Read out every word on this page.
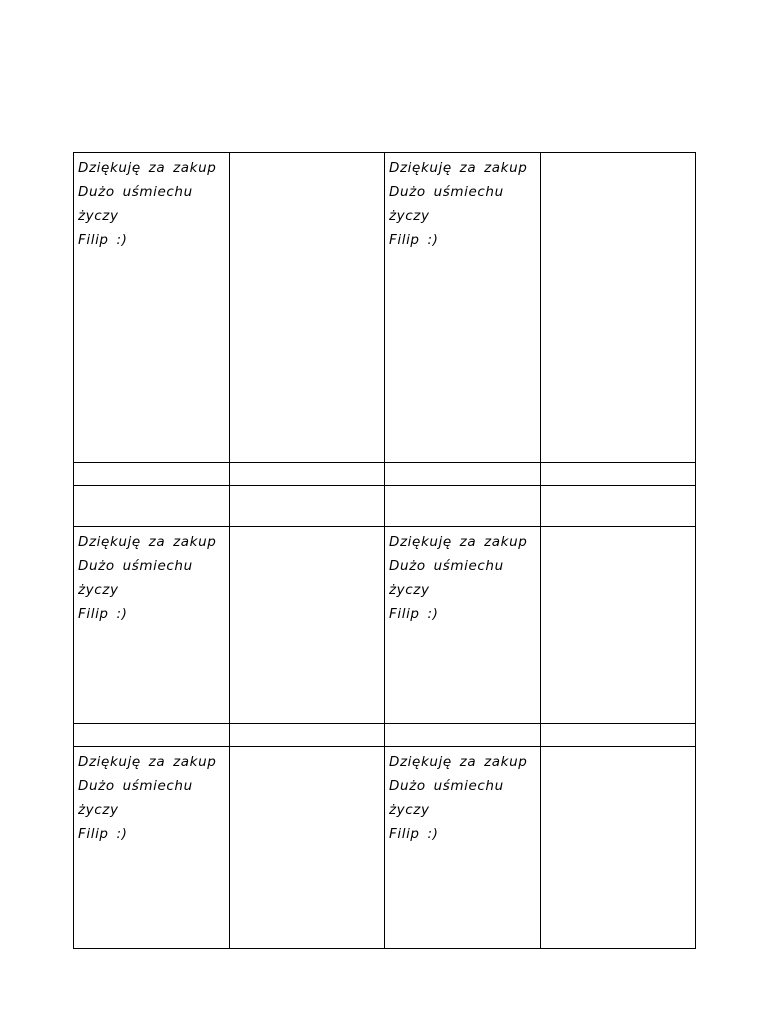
Dziękuję za zakup
Dużo uśmiechu
życzy
Filip :)		Dziękuję za zakup
Dużo uśmiechu
życzy
Filip :)	

Dziękuję za zakup
Dużo uśmiechu
życzy
Filip :)		Dziękuję za zakup
Dużo uśmiechu
życzy
Filip :)	

Dziękuję za zakup
Dużo uśmiechu
życzy
Filip :)		Dziękuję za zakup
Dużo uśmiechu
życzy
Filip :)	
